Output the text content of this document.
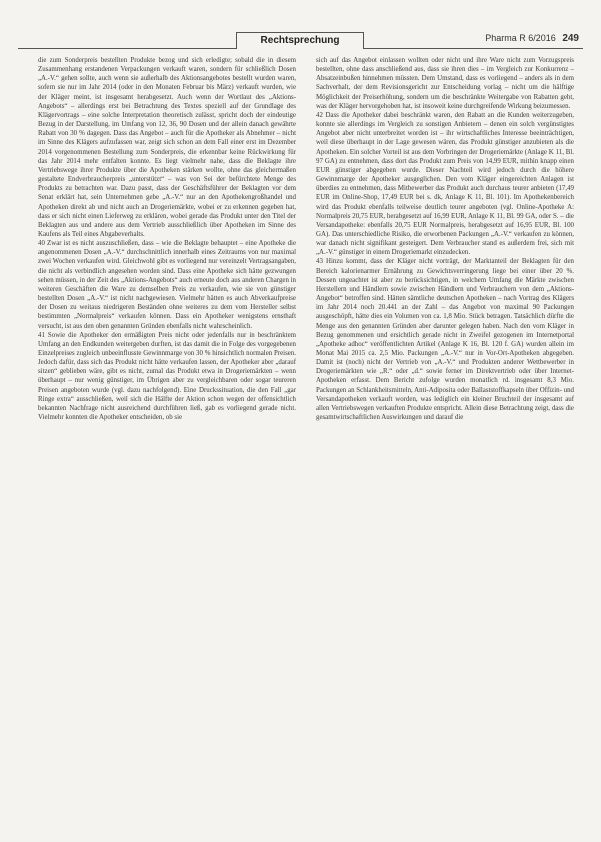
Rechtsprechung	Pharma R 6/2016 249

die zum Sonderpreis bestellten Produkte bezog und sich erledigte; sobald die in diesem Zusammenhang erstandenen Verpackungen verkauft waren, sondern für schließlich Dosen „A.-V.“ gehen sollte, auch wenn sie außerhalb des Aktionsangebotes bestellt wurden waren, sofern sie nur im Jahr 2014 (oder in den Monaten Februar bis März) verkauft wurden, wie der Kläger meint, ist insgesamt herabgesetzt. Auch wenn der Wortlaut des „Aktions-Angebots“ – allerdings erst bei Betrachtung des Textes speziell auf der Grundlage des Klägervortrags – eine solche Interpretation theoretisch zulässt, spricht doch der eindeutige Bezug in der Darstellung, im Umfang von 12, 36, 90 Dosen und der allein danach gewährte Rabatt von 30 % dagegen. Dass das Angebot – auch für die Apotheker als Abnehmer – nicht im Sinne des Klägers aufzufassen war, zeigt sich schon an dem Fall einer erst im Dezember 2014 vorgenommenen Bestellung zum Sonderpreis, die erkennbar keine Rückwirkung für das Jahr 2014 mehr entfalten konnte. Es liegt vielmehr nahe, dass die Beklagte ihre Vertriebswege ihrer Produkte über die Apotheken stärken wollte, ohne das gleichermaßen gestaltete Endverbraucherpreis „unterstützt“ – was von Sei der befürchtete Menge des Produkts zu betrachten war. Dazu passt, dass der Geschäftsführer der Beklagten vor dem Senat erklärt hat, sein Unternehmen gebe „A.-V.“ nur an den Apothekengroßhandel und Apotheken direkt ab und nicht auch an Drogeriemärkte, wobei er zu erkennen gegeben hat, dass er sich nicht einen Lieferweg zu erklären, wobei gerade das Produkt unter den Titel der Beklagten aus und andere aus dem Vertrieb ausschließlich über Apotheken im Sinne des Kaufens als Teil eines Abgabeverhalts.

40 Zwar ist es nicht auszuschließen, dass – wie die Beklagte behauptet – eine Apotheke die angenommenen Dosen „A.-V.“ durchschnittlich innerhalb eines Zeitraums von nur maximal zwei Wochen verkaufen wird. Gleichwohl gibt es vorliegend nur vereinzelt Vertragsangaben, die nicht als verbindlich angesehen worden sind. Dass eine Apotheke sich hätte gezwungen sehen müssen, in der Zeit des „Aktions-Angebots“ auch erneute doch aus anderen Chargen in weiteren Geschäften die Ware zu demselben Preis zu verkaufen, wie sie von günstiger bestellten Dosen „A.-V.“ ist nicht nachgewiesen. Vielmehr hätten es auch Abverkaufpreise der Dosen zu weitaus niedrigeren Beständen ohne weiteres zu dem vom Hersteller selbst bestimmten „Normalpreis“ verkaufen können. Dass ein Apotheker wenigstens ernsthaft versucht, ist aus den oben genannten Gründen ebenfalls nicht wahrscheinlich.

41 Sowie die Apotheker den ermäßigten Preis nicht oder jedenfalls nur in beschränktem Umfang an den Endkunden weitergeben durften, ist das damit die in Folge des vorgegebenen Einzelpreises zugleich unbeeinflusste Gewinnmarge von 30 % hinsichtlich normalen Preisen. Jedoch dafür, dass sich das Produkt nicht hätte verkaufen lassen, der Apotheker aber „darauf sitzen“ geblieben wäre, gibt es nicht, zumal das Produkt etwa in Drogeriemärkten – wenn überhaupt – nur wenig günstiger, im Übrigen aber zu vergleichbaren oder sogar teureren Preisen angeboten wurde (vgl. dazu nachfolgend). Eine Druckssituation, die den Fall „gar Ringe extra“ ausschließen, weil sich die Hälfte der Aktion schon wegen der offensichtlich bekannten Nachfrage nicht ausreichend durchführen ließ, gab es vorliegend gerade nicht. Vielmehr konnten die Apotheker entscheiden, ob sie

sich auf das Angebot einlassen wollten oder nicht und ihre Ware nicht zum Vorzugspreis bestellten, ohne dass anschließend aus, dass sie ihren dies – im Vergleich zur Konkurrenz – Absatzeinbußen hinnehmen müssten. Dem Umstand, dass es vorliegend – anders als in dem Sachverhalt, der dem Revisionsgericht zur Entscheidung vorlag – nicht um die hälftige Möglichkeit der Preiserhöhung, sondern um die beschränkte Weitergabe von Rabatten geht, was der Kläger hervorgehoben hat, ist insoweit keine durchgreifende Wirkung beizumessen.

42 Dass die Apotheker dabei beschränkt waren, den Rabatt an die Kunden weiterzugeben, konnte sie allerdings im Vergleich zu sonstigen Anbietern – denen ein solch vergünstigtes Angebot aber nicht unterbreitet worden ist – ihr wirtschaftliches Interesse beeinträchtigen, weil diese überhaupt in der Lage gewesen wären, das Produkt günstiger anzubieten als die Apotheken. Ein solcher Vorteil ist aus dem Vorbringen der Drogeriemärkte (Anlage K 11, Bl. 97 GA) zu entnehmen, dass dort das Produkt zum Preis von 14,99 EUR, mithin knapp einen EUR günstiger abgegeben wurde. Dieser Nachteil wird jedoch durch die höhere Gewinnmarge der Apotheker ausgeglichen. Den vom Kläger eingereichten Anlagen ist überdies zu entnehmen, dass Mitbewerber das Produkt auch durchaus teurer anbieten (17,49 EUR im Online-Shop, 17,49 EUR bei s. dk, Anlage K 11, Bl. 101). Im Apothekenbereich wird das Produkt ebenfalls teilweise deutlich teurer angeboten (vgl. Online-Apotheke A: Normalpreis 20,75 EUR, herabgesetzt auf 16,99 EUR, Anlage K 11, Bl. 99 GA, oder S. – die Versandapotheke: ebenfalls 20,75 EUR Normalpreis, herabgesetzt auf 16,95 EUR, Bl. 100 GA). Das unterschiedliche Risiko, die erworbenen Packungen „A.-V.“ verkaufen zu können, war danach nicht signifikant gesteigert. Dem Verbraucher stand es außerdem frei, sich mit „A.-V.“ günstiger in einem Drogeriemarkt einzudecken.

43 Hinzu kommt, dass der Kläger nicht vorträgt, der Marktanteil der Beklagten für den Bereich kalorienarmer Ernährung zu Gewichtsverringerung liege bei einer über 20 %. Dessen ungeachtet ist aber zu berücksichtigen, in welchem Umfang die Märkte zwischen Herstellern und Händlern sowie zwischen Händlern und Verbrauchern von dem „Aktions-Angebot“ betroffen sind. Hätten sämtliche deutschen Apotheken – nach Vortrag des Klägers im Jahr 2014 noch 20.441 an der Zahl – das Angebot von maximal 90 Packungen ausgeschöpft, hätte dies ein Volumen von ca. 1,8 Mio. Stück betragen. Tatsächlich dürfte die Menge aus den genannten Gründen aber darunter gelegen haben. Nach den vom Kläger in Bezug genommenen und ersichtlich gerade nicht in Zweifel gezogenen im Internetportal „Apotheke adhoc“ veröffentlichten Artikel (Anlage K 16, Bl. 120 f. GA) wurden allein im Monat Mai 2015 ca. 2,5 Mio. Packungen „A.-V.“ nur in Vor-Ort-Apotheken abgegeben. Damit ist (noch) nicht der Vertrieb von „A.-V.“ und Produkten anderer Wettbewerber in Drogeriemärkten wie „R.“ oder „d.“ sowie ferner im Direktvertrieb oder über Internet-Apotheken erfasst. Dem Bericht zufolge wurden monatlich rd. insgesamt 8,3 Mio. Packungen an Schlankheitsmitteln, Anti-Adiposita oder Ballaststoffkapseln über Offizin- und Versandapotheken verkauft worden, was lediglich ein kleiner Bruchteil der insgesamt auf allen Vertriebswegen verkauften Produkte entspricht. Allein diese Betrachtung zeigt, dass die gesamtwirtschaftlichen Auswirkungen und darauf die
